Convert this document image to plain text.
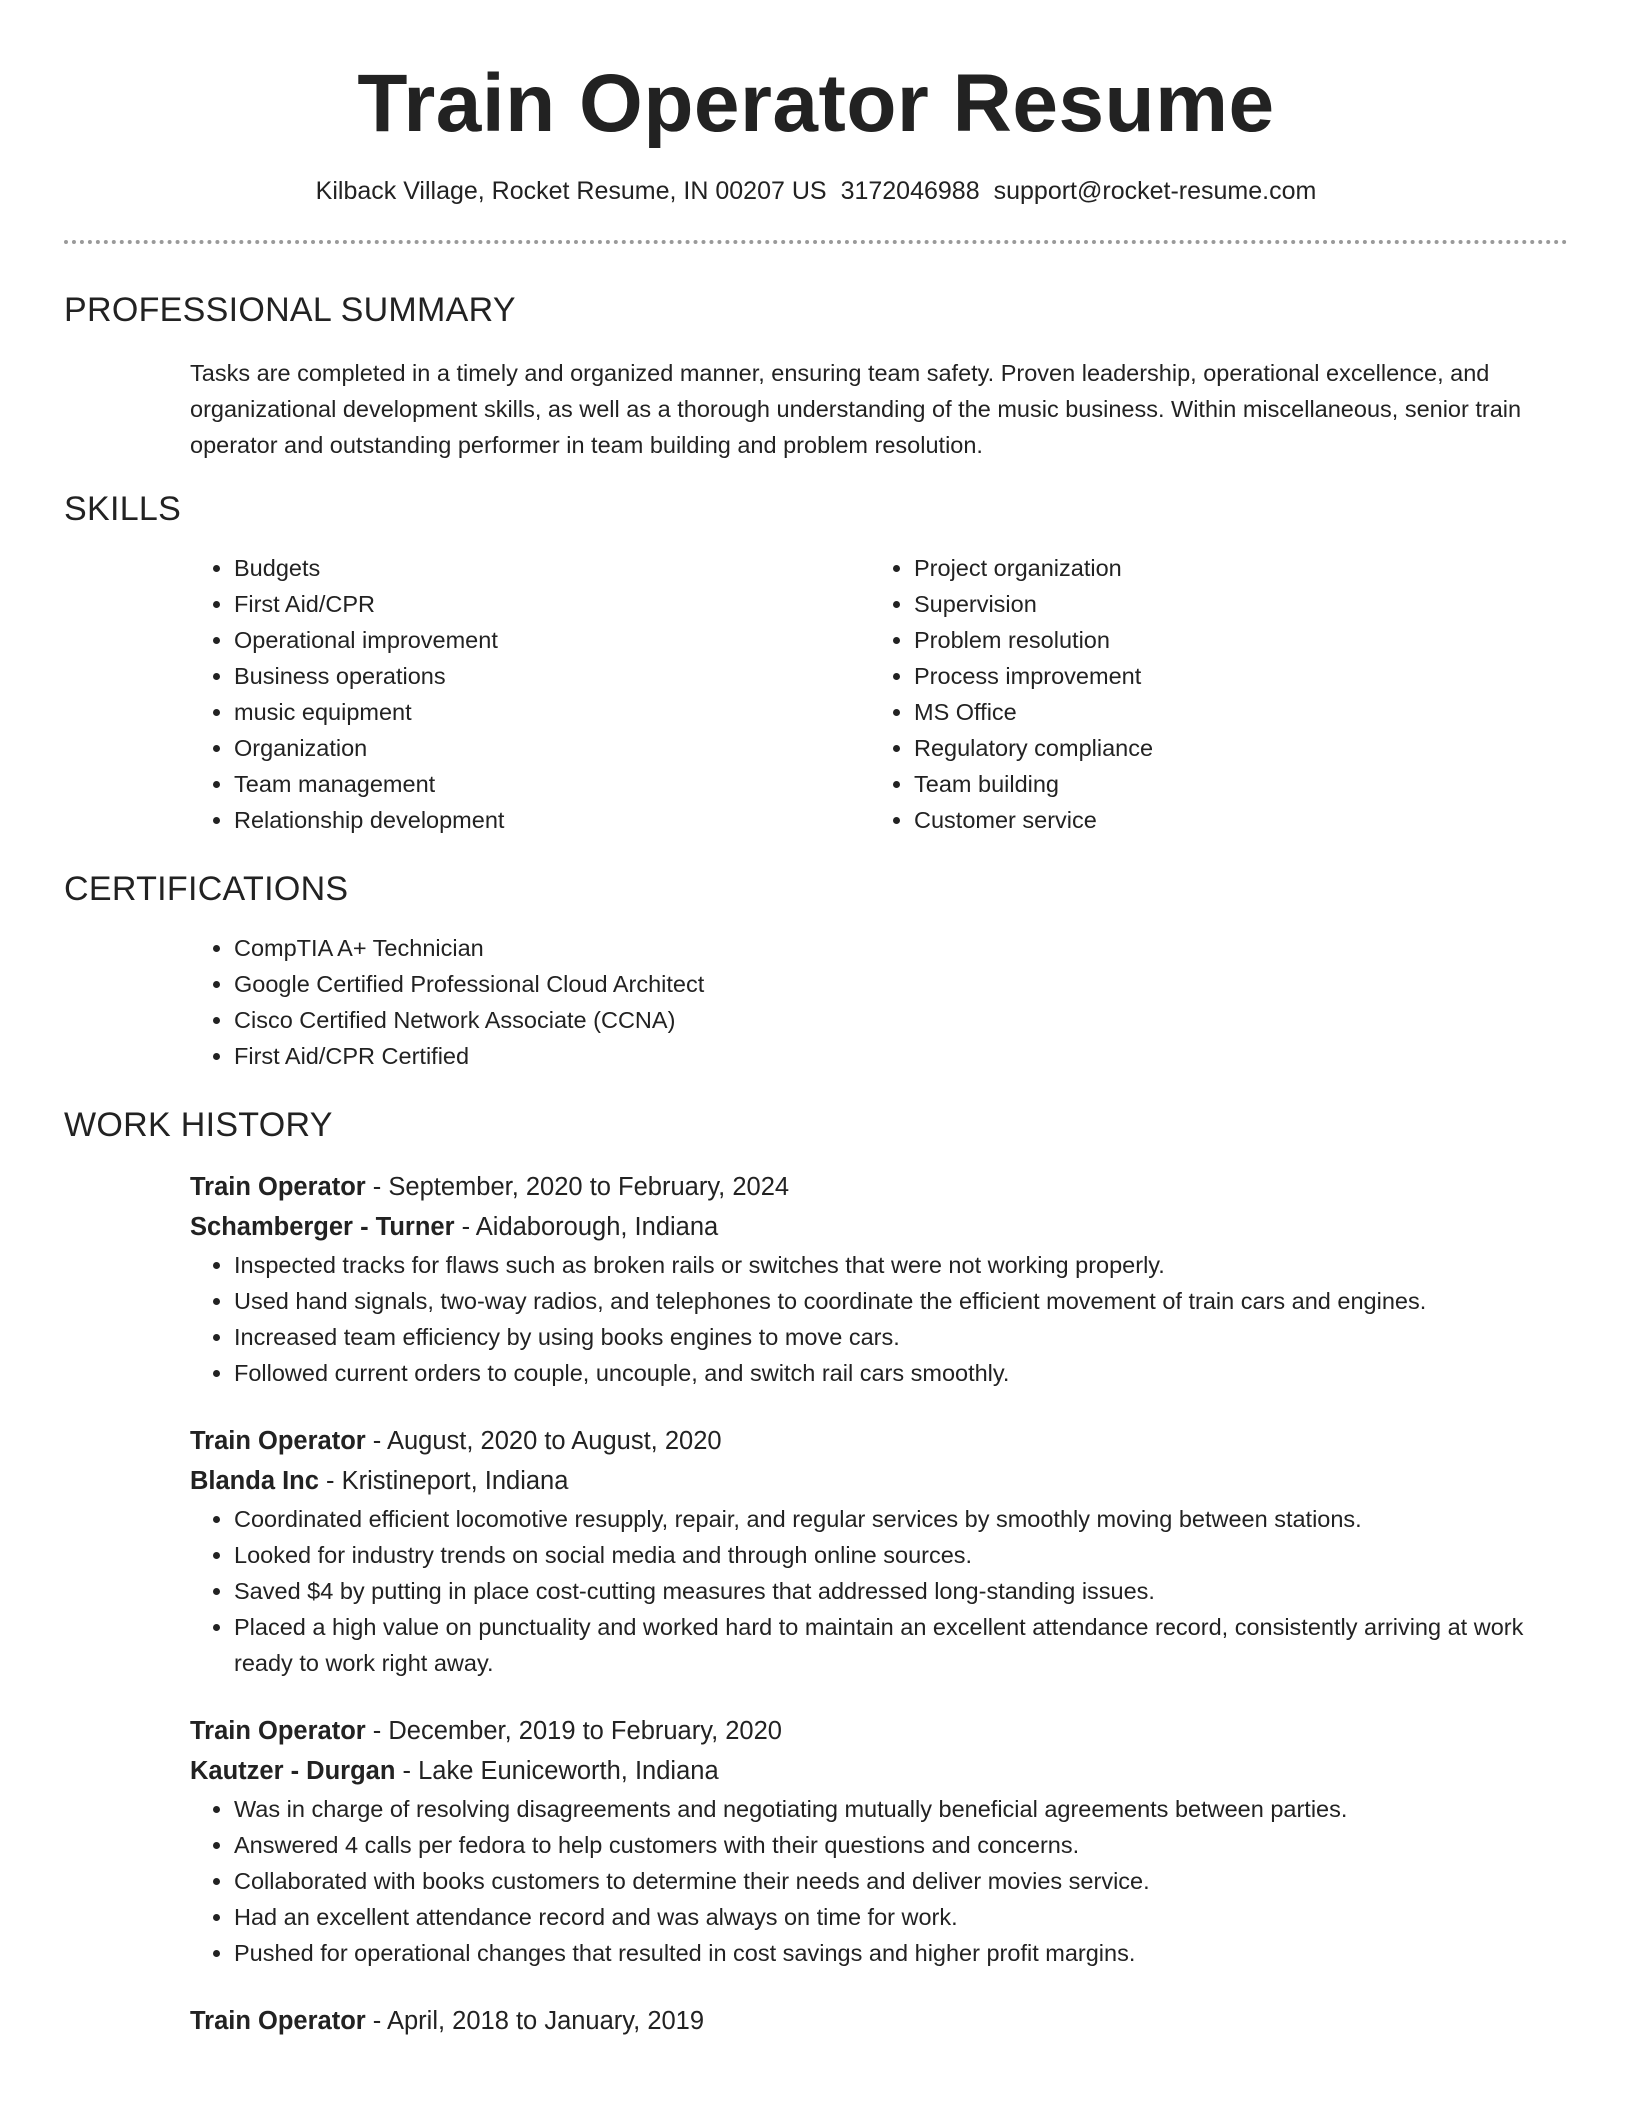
Train Operator Resume
Kilback Village, Rocket Resume, IN 00207 US 3172046988 support@rocket-resume.com
PROFESSIONAL SUMMARY
Tasks are completed in a timely and organized manner, ensuring team safety. Proven leadership, operational excellence, and organizational development skills, as well as a thorough understanding of the music business. Within miscellaneous, senior train operator and outstanding performer in team building and problem resolution.
SKILLS
• Budgets
• First Aid/CPR
• Operational improvement
• Business operations
• music equipment
• Organization
• Team management
• Relationship development
• Project organization
• Supervision
• Problem resolution
• Process improvement
• MS Office
• Regulatory compliance
• Team building
• Customer service
CERTIFICATIONS
• CompTIA A+ Technician
• Google Certified Professional Cloud Architect
• Cisco Certified Network Associate (CCNA)
• First Aid/CPR Certified
WORK HISTORY
Train Operator - September, 2020 to February, 2024
Schamberger - Turner - Aidaborough, Indiana
• Inspected tracks for flaws such as broken rails or switches that were not working properly.
• Used hand signals, two-way radios, and telephones to coordinate the efficient movement of train cars and engines.
• Increased team efficiency by using books engines to move cars.
• Followed current orders to couple, uncouple, and switch rail cars smoothly.
Train Operator - August, 2020 to August, 2020
Blanda Inc - Kristineport, Indiana
• Coordinated efficient locomotive resupply, repair, and regular services by smoothly moving between stations.
• Looked for industry trends on social media and through online sources.
• Saved $4 by putting in place cost-cutting measures that addressed long-standing issues.
• Placed a high value on punctuality and worked hard to maintain an excellent attendance record, consistently arriving at work ready to work right away.
Train Operator - December, 2019 to February, 2020
Kautzer - Durgan - Lake Euniceworth, Indiana
• Was in charge of resolving disagreements and negotiating mutually beneficial agreements between parties.
• Answered 4 calls per fedora to help customers with their questions and concerns.
• Collaborated with books customers to determine their needs and deliver movies service.
• Had an excellent attendance record and was always on time for work.
• Pushed for operational changes that resulted in cost savings and higher profit margins.
Train Operator - April, 2018 to January, 2019
